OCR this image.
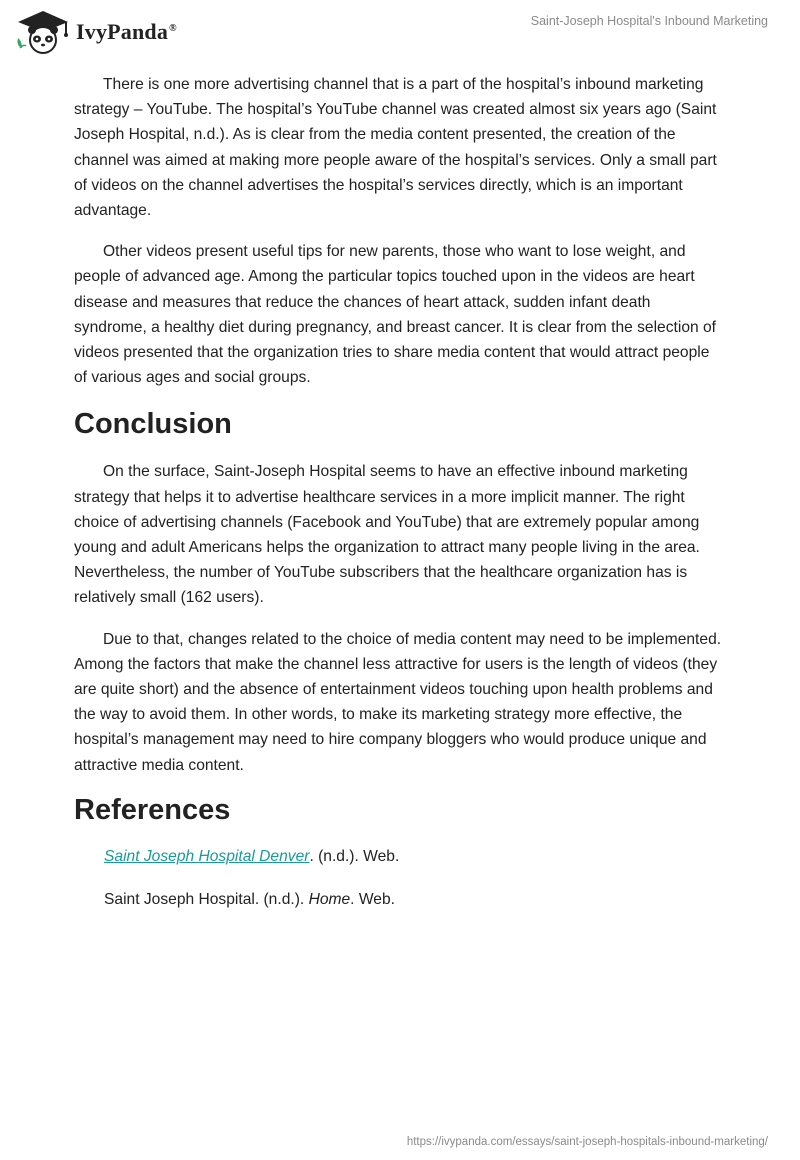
IvyPanda®
Saint-Joseph Hospital's Inbound Marketing

There is one more advertising channel that is a part of the hospital’s inbound marketing strategy – YouTube. The hospital’s YouTube channel was created almost six years ago (Saint Joseph Hospital, n.d.). As is clear from the media content presented, the creation of the channel was aimed at making more people aware of the hospital’s services. Only a small part of videos on the channel advertises the hospital’s services directly, which is an important advantage.

Other videos present useful tips for new parents, those who want to lose weight, and people of advanced age. Among the particular topics touched upon in the videos are heart disease and measures that reduce the chances of heart attack, sudden infant death syndrome, a healthy diet during pregnancy, and breast cancer. It is clear from the selection of videos presented that the organization tries to share media content that would attract people of various ages and social groups.

Conclusion

On the surface, Saint-Joseph Hospital seems to have an effective inbound marketing strategy that helps it to advertise healthcare services in a more implicit manner. The right choice of advertising channels (Facebook and YouTube) that are extremely popular among young and adult Americans helps the organization to attract many people living in the area. Nevertheless, the number of YouTube subscribers that the healthcare organization has is relatively small (162 users).

Due to that, changes related to the choice of media content may need to be implemented. Among the factors that make the channel less attractive for users is the length of videos (they are quite short) and the absence of entertainment videos touching upon health problems and the way to avoid them. In other words, to make its marketing strategy more effective, the hospital’s management may need to hire company bloggers who would produce unique and attractive media content.

References
Saint Joseph Hospital Denver. (n.d.). Web.
Saint Joseph Hospital. (n.d.). Home. Web.
https://ivypanda.com/essays/saint-joseph-hospitals-inbound-marketing/
